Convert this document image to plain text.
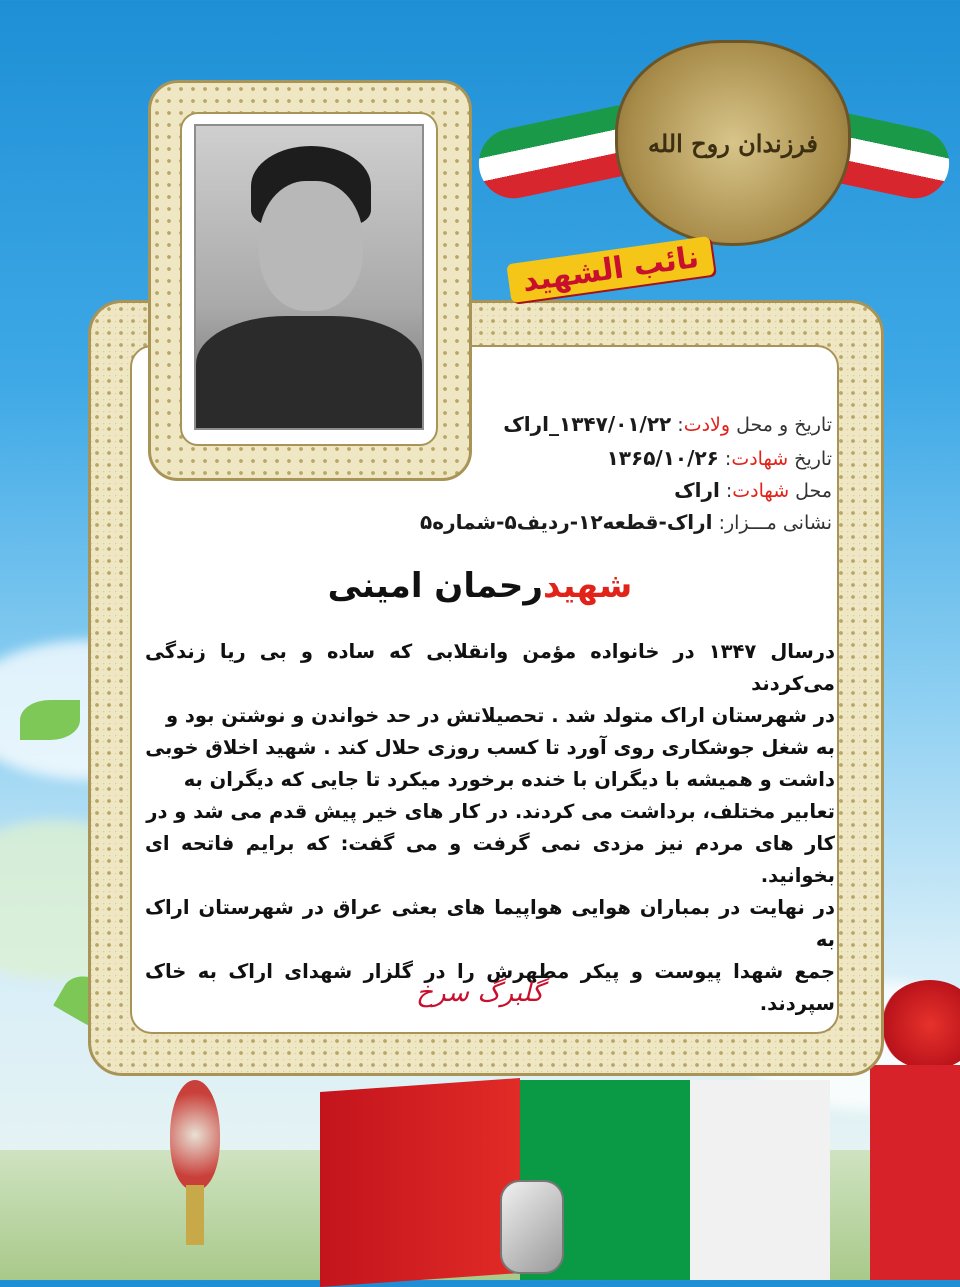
فرزندان روح الله
نائب الشهید
تاریخ و محل ولادت: ۱۳۴۷/۰۱/۲۲_اراک
تاریخ شهادت: ۱۳۶۵/۱۰/۲۶
محل شهادت: اراک
نشانی مـــزار: اراک-قطعه۱۲-ردیف۵-شماره۵
شهیدرحمان امینی
درسال ۱۳۴۷ در خانواده مؤمن وانقلابی که ساده و بی ریا زندگی می‌کردند
در شهرستان اراک متولد شد . تحصیلاتش در حد خواندن و نوشتن بود و
به شغل جوشکاری روی آورد تا کسب روزی حلال کند . شهید اخلاق خوبی
داشت و همیشه با دیگران با خنده برخورد میکرد تا جایی که دیگران به
تعابیر مختلف، برداشت می کردند. در کار های خیر پیش قدم می شد و در
کار های مردم نیز مزدی نمی گرفت و می گفت: که برایم فاتحه ای بخوانید.
در نهایت در بمباران هوایی هواپیما های بعثی عراق در شهرستان اراک به
جمع شهدا پیوست و پیکر مطهرش را در گلزار شهدای اراک به خاک سپردند.
گلبرگ سرخ
